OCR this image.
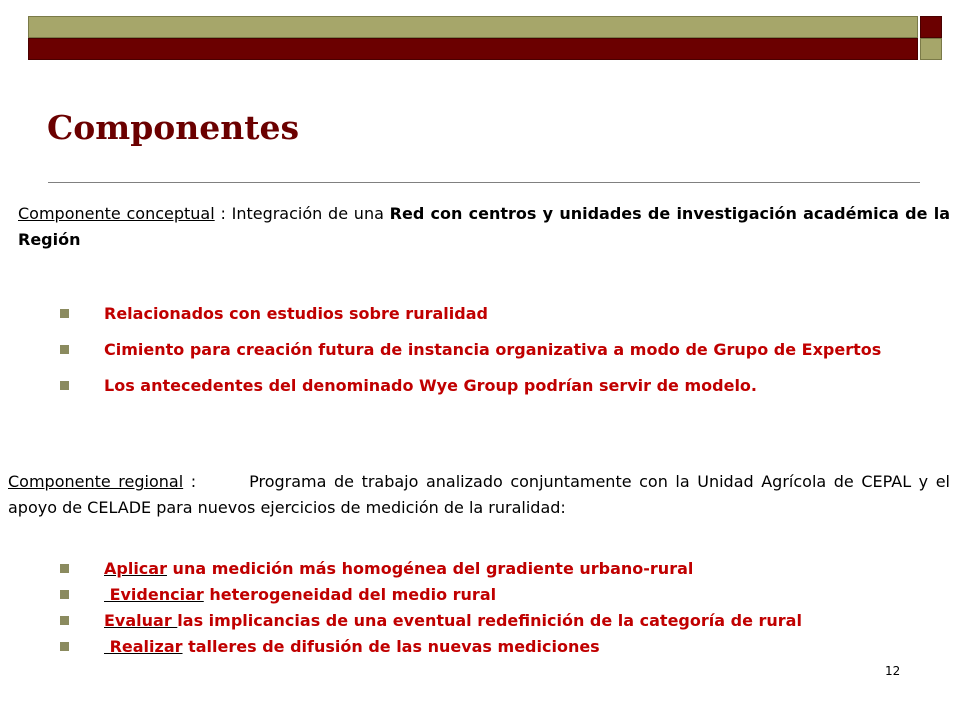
Componentes
Componente conceptual : Integración de una Red con centros y unidades de investigación académica de la Región
Relacionados con estudios sobre ruralidad
Cimiento para creación futura de instancia organizativa a modo de Grupo de Expertos
Los antecedentes del denominado Wye Group podrían servir de modelo.
Componente regional :       Programa de trabajo analizado conjuntamente con la Unidad Agrícola de CEPAL y el apoyo de CELADE para nuevos ejercicios de medición de la ruralidad:
Aplicar una medición más homogénea del gradiente urbano-rural
Evidenciar heterogeneidad del medio rural
Evaluar las implicancias de una eventual redefinición de la categoría de rural
Realizar talleres de difusión de las nuevas mediciones
12
